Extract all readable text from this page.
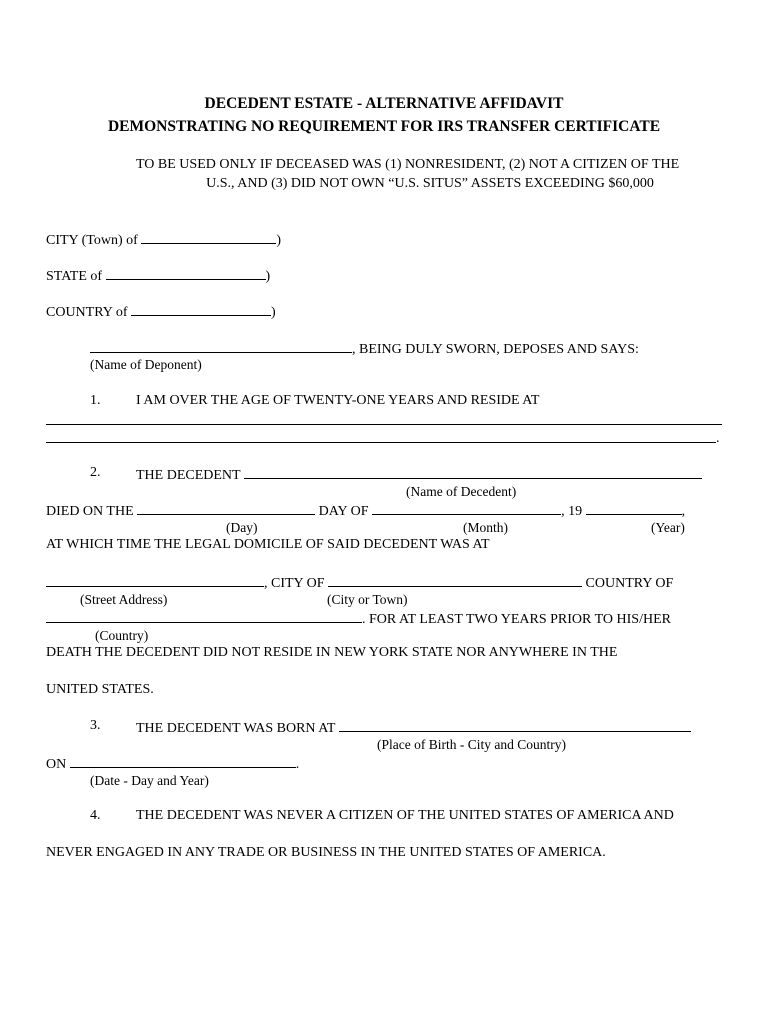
DECEDENT ESTATE - ALTERNATIVE AFFIDAVIT
DEMONSTRATING NO REQUIREMENT FOR IRS TRANSFER CERTIFICATE
TO BE USED ONLY IF DECEASED WAS (1) NONRESIDENT, (2) NOT A CITIZEN OF THE
U.S., AND (3) DID NOT OWN “U.S. SITUS” ASSETS EXCEEDING $60,000
CITY (Town) of	)
STATE of	)
COUNTRY of	)
, BEING DULY SWORN, DEPOSES AND SAYS:
(Name of Deponent)
1.	I AM OVER THE AGE OF TWENTY-ONE YEARS AND RESIDE AT
.
2.	THE DECEDENT
(Name of Decedent)
DIED ON THE	DAY OF	, 19	,
(Day)	(Month)	(Year)
AT WHICH TIME THE LEGAL DOMICILE OF SAID DECEDENT WAS AT
, CITY OF	COUNTRY OF
(Street Address)	(City or Town)
. FOR AT LEAST TWO YEARS PRIOR TO HIS/HER
(Country)
DEATH THE DECEDENT DID NOT RESIDE IN NEW YORK STATE NOR ANYWHERE IN THE
UNITED STATES.
3.	THE DECEDENT WAS BORN AT
(Place of Birth - City and Country)
ON	.
(Date - Day and Year)
4.	THE DECEDENT WAS NEVER A CITIZEN OF THE UNITED STATES OF AMERICA AND
NEVER ENGAGED IN ANY TRADE OR BUSINESS IN THE UNITED STATES OF AMERICA.
